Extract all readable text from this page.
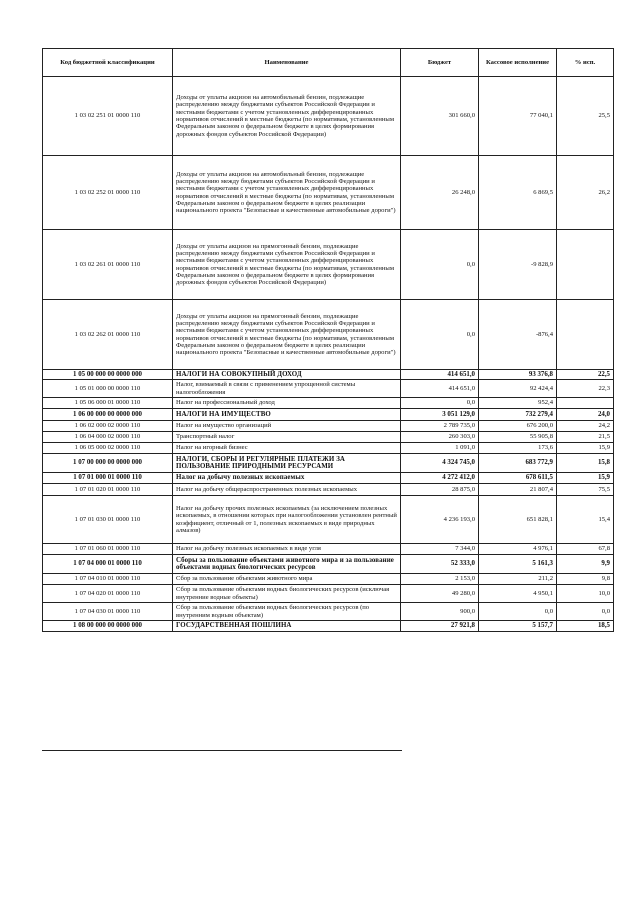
Код бюджетной классификации	Наименование	Бюджет	Кассовое исполнение	% исп.
1 03 02 251 01 0000 110	Доходы от уплаты акцизов на автомобильный бензин, подлежащие распределению между бюджетами субъектов Российской Федерации и местными бюджетами с учетом установленных дифференцированных нормативов отчислений в местные бюджеты (по нормативам, установленным Федеральным законом о федеральном бюджете в целях формирования дорожных фондов субъектов Российской Федерации)	301 660,0	77 040,1	25,5
1 03 02 252 01 0000 110	Доходы от уплаты акцизов на автомобильный бензин, подлежащие распределению между бюджетами субъектов Российской Федерации и местными бюджетами с учетом установленных дифференцированных нормативов отчислений в местные бюджеты (по нормативам, установленным Федеральным законом о федеральном бюджете в целях реализации национального проекта "Безопасные и качественные автомобильные дороги")	26 248,0	6 869,5	26,2
1 03 02 261 01 0000 110	Доходы от уплаты акцизов на прямогонный бензин, подлежащие распределению между бюджетами субъектов Российской Федерации и местными бюджетами с учетом установленных дифференцированных нормативов отчислений в местные бюджеты (по нормативам, установленным Федеральным законом о федеральном бюджете в целях формирования дорожных фондов субъектов Российской Федерации)	0,0	-9 828,9	
1 03 02 262 01 0000 110	Доходы от уплаты акцизов на прямогонный бензин, подлежащие распределению между бюджетами субъектов Российской Федерации и местными бюджетами с учетом установленных дифференцированных нормативов отчислений в местные бюджеты (по нормативам, установленным Федеральным законом о федеральном бюджете в целях реализации национального проекта "Безопасные и качественные автомобильные дороги")	0,0	-876,4	
1 05 00 000 00 0000 000	НАЛОГИ НА СОВОКУПНЫЙ ДОХОД	414 651,0	93 376,8	22,5
1 05 01 000 00 0000 110	Налог, взимаемый в связи с применением упрощенной системы налогообложения	414 651,0	92 424,4	22,3
1 05 06 000 01 0000 110	Налог на профессиональный доход	0,0	952,4	
1 06 00 000 00 0000 000	НАЛОГИ НА ИМУЩЕСТВО	3 051 129,0	732 279,4	24,0
1 06 02 000 02 0000 110	Налог на имущество организаций	2 789 735,0	676 200,0	24,2
1 06 04 000 02 0000 110	Транспортный налог	260 303,0	55 905,8	21,5
1 06 05 000 02 0000 110	Налог на игорный бизнес	1 091,0	173,6	15,9
1 07 00 000 00 0000 000	НАЛОГИ, СБОРЫ И РЕГУЛЯРНЫЕ ПЛАТЕЖИ ЗА ПОЛЬЗОВАНИЕ ПРИРОДНЫМИ РЕСУРСАМИ	4 324 745,0	683 772,9	15,8
1 07 01 000 01 0000 110	Налог на добычу полезных ископаемых	4 272 412,0	678 611,5	15,9
1 07 01 020 01 0000 110	Налог на добычу общераспространенных полезных ископаемых	28 875,0	21 807,4	75,5
1 07 01 030 01 0000 110	Налог на добычу прочих полезных ископаемых (за исключением полезных ископаемых, в отношении которых при налогообложении установлен рентный коэффициент, отличный от 1, полезных ископаемых в виде природных алмазов)	4 236 193,0	651 828,1	15,4
1 07 01 060 01 0000 110	Налог на добычу полезных ископаемых в виде угля	7 344,0	4 976,1	67,8
1 07 04 000 01 0000 110	Сборы за пользование объектами животного мира и за пользование объектами водных биологических ресурсов	52 333,0	5 161,3	9,9
1 07 04 010 01 0000 110	Сбор за пользование объектами животного мира	2 153,0	211,2	9,8
1 07 04 020 01 0000 110	Сбор за пользование объектами водных биологических ресурсов (исключая внутренние водные объекты)	49 280,0	4 950,1	10,0
1 07 04 030 01 0000 110	Сбор за пользование объектами водных биологических ресурсов (по внутренним водным объектам)	900,0	0,0	0,0
1 08 00 000 00 0000 000	ГОСУДАРСТВЕННАЯ ПОШЛИНА	27 921,8	5 157,7	18,5
